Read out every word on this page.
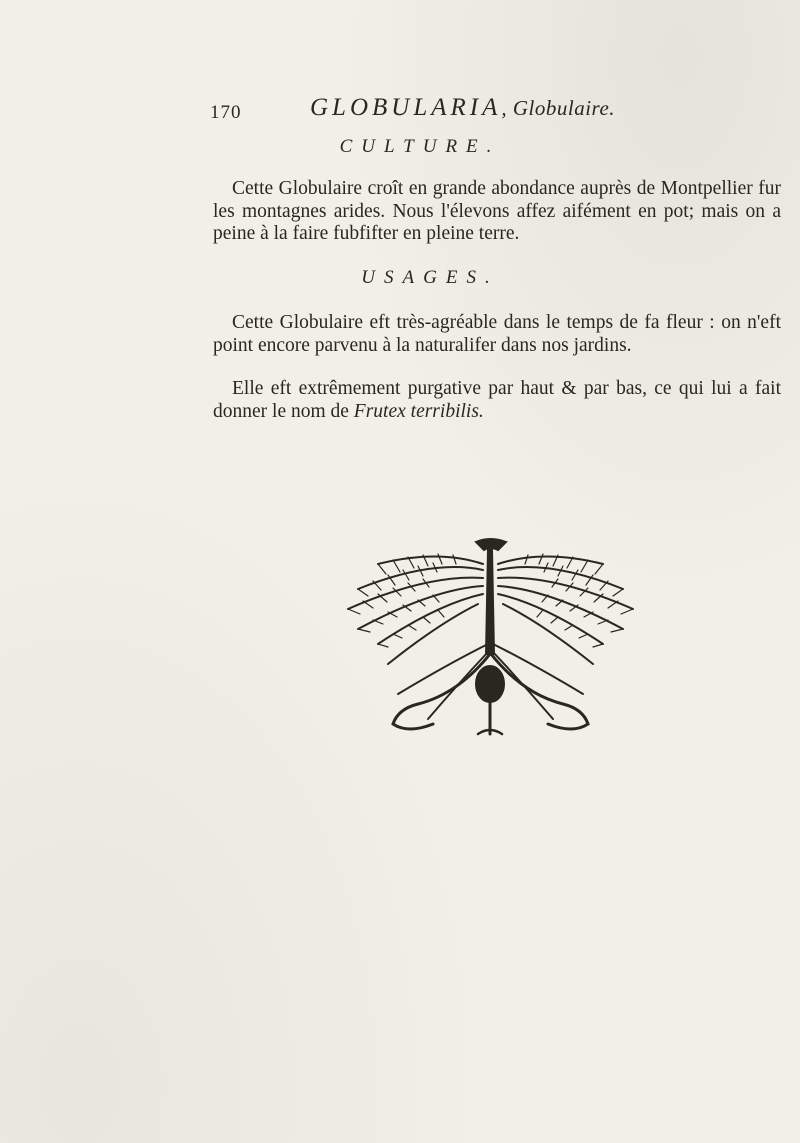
170	GLOBULARIA, Globulaire.
CULTURE.

Cette Globulaire croît en grande abondance auprès de Montpellier fur les montagnes arides. Nous l'élevons affez aifément en pot; mais on a peine à la faire fubfifter en pleine terre.

USAGES.

Cette Globulaire eft très-agréable dans le temps de fa fleur : on n'eft point encore parvenu à la naturalifer dans nos jardins.

Elle eft extrêmement purgative par haut & par bas, ce qui lui a fait donner le nom de Frutex terribilis.
